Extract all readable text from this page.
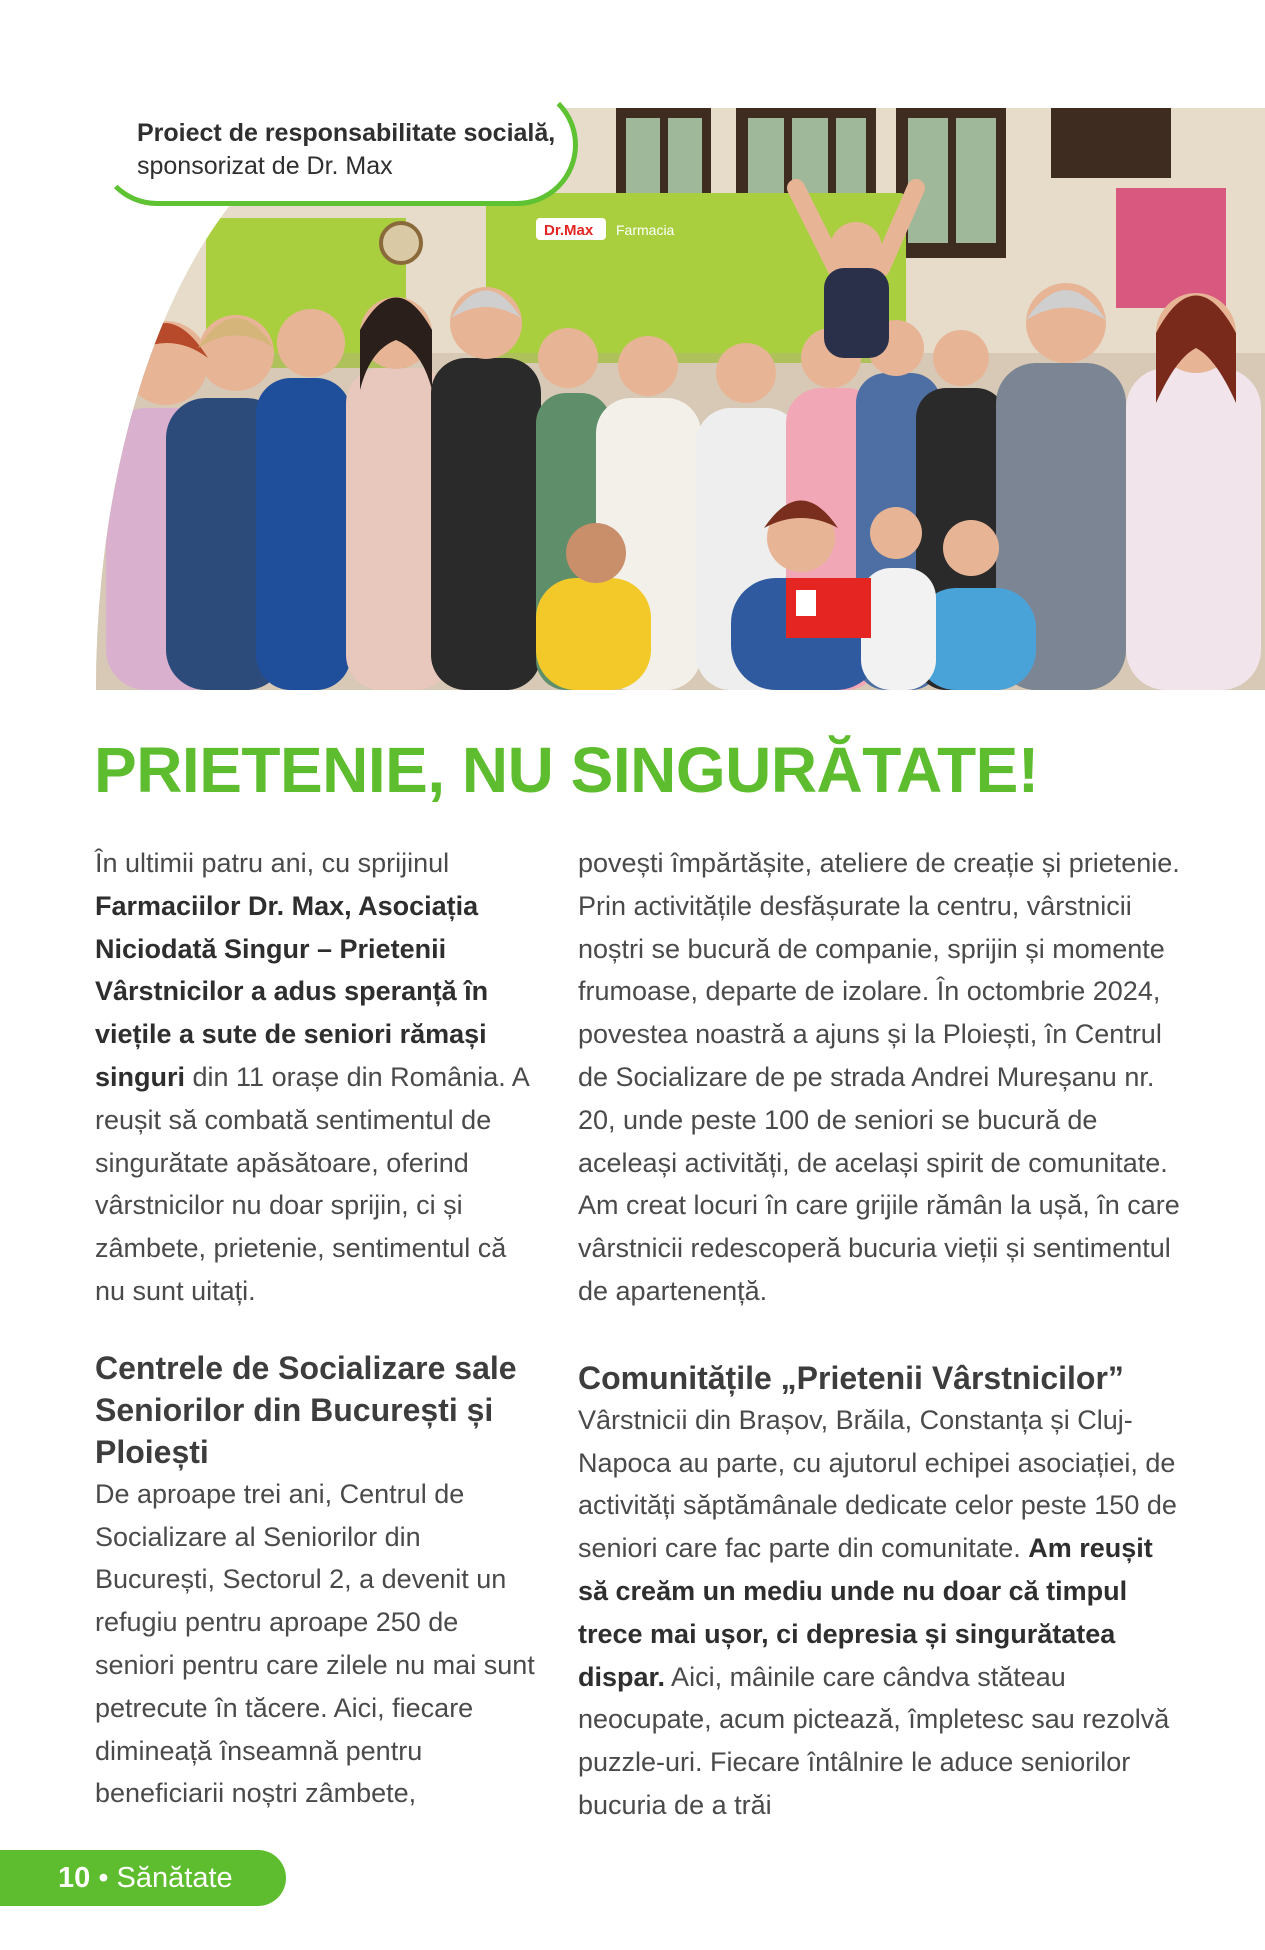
Dr.Max Farmacia
Proiect de responsabilitate socială, sponsorizat de Dr. Max
PRIETENIE, NU SINGURĂTATE!

În ultimii patru ani, cu sprijinul Farmaciilor Dr. Max, Asociația Niciodată Singur – Prietenii Vârstnicilor a adus speranță în viețile a sute de seniori rămași singuri din 11 orașe din România. A reușit să combată sentimentul de singurătate apăsătoare, oferind vârstnicilor nu doar sprijin, ci și zâmbete, prietenie, sentimentul că nu sunt uitați.

Centrele de Socializare sale Seniorilor din București și Ploiești

De aproape trei ani, Centrul de Socializare al Seniorilor din București, Sectorul 2, a devenit un refugiu pentru aproape 250 de seniori pentru care zilele nu mai sunt petrecute în tăcere. Aici, fiecare dimineață înseamnă pentru beneficiarii noștri zâmbete,

povești împărtășite, ateliere de creație și prietenie. Prin activitățile desfășurate la centru, vârstnicii noștri se bucură de companie, sprijin și momente frumoase, departe de izolare. În octombrie 2024, povestea noastră a ajuns și la Ploiești, în Centrul de Socializare de pe strada Andrei Mureșanu nr. 20, unde peste 100 de seniori se bucură de aceleași activități, de același spirit de comunitate. Am creat locuri în care grijile rămân la ușă, în care vârstnicii redescoperă bucuria vieții și sentimentul de apartenență.

Comunitățile „Prietenii Vârstnicilor”

Vârstnicii din Brașov, Brăila, Constanța și Cluj-Napoca au parte, cu ajutorul echipei asociației, de activități săptămânale dedicate celor peste 150 de seniori care fac parte din comunitate. Am reușit să creăm un mediu unde nu doar că timpul trece mai ușor, ci depresia și singurătatea dispar. Aici, mâinile care cândva stăteau neocupate, acum pictează, împletesc sau rezolvă puzzle-uri. Fiecare întâlnire le aduce seniorilor bucuria de a trăi

10 • Sănătate
